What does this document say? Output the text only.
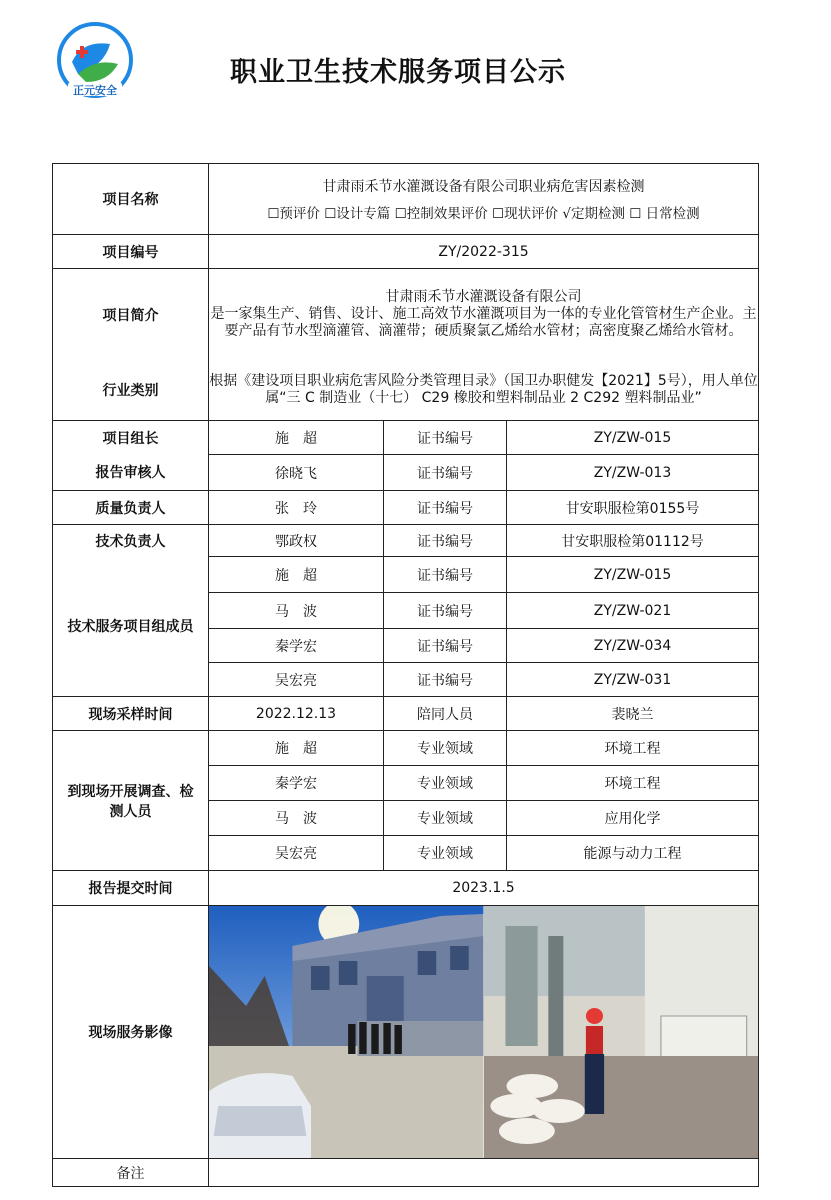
正元安全
职业卫生技术服务项目公示
项目名称	甘肃雨禾节水灌溉设备有限公司职业病危害因素检测
☐预评价 ☐设计专篇 ☐控制效果评价 ☐现状评价 √定期检测 ☐ 日常检测		

项目编号	ZY/2022-315		
项目简介	甘肃雨禾节水灌溉设备有限公司
是一家集生产、销售、设计、施工高效节水灌溉项目为一体的专业化管管材生产企业。主要产品有节水型滴灌管、滴灌带；硬质聚氯乙烯给水管材；高密度聚乙烯给水管材。		

行业类别	根据《建设项目职业病危害风险分类管理目录》（国卫办职健发【2021】5号），用人单位属“三 C 制造业（十七） C29 橡胶和塑料制品业 2 C292 塑料制品业”		
项目组长	施　超	证书编号	ZY/ZW-015
报告审核人	徐晓飞	证书编号	ZY/ZW-013
质量负责人	张　玲	证书编号	甘安职服检第0155号
技术负责人	鄂政权	证书编号	甘安职服检第01112号
技术服务项目组成员	施　超	证书编号	ZY/ZW-015
	马　波	证书编号	ZY/ZW-021
	秦学宏	证书编号	ZY/ZW-034
	吴宏亮	证书编号	ZY/ZW-031
现场采样时间	2022.12.13	陪同人员	裴晓兰
到现场开展调查、检测人员	施　超	专业领域	环境工程
	秦学宏	专业领域	环境工程
	马　波	专业领域	应用化学
	吴宏亮	专业领域	能源与动力工程
报告提交时间	2023.1.5		
现场服务影像	

备注			
